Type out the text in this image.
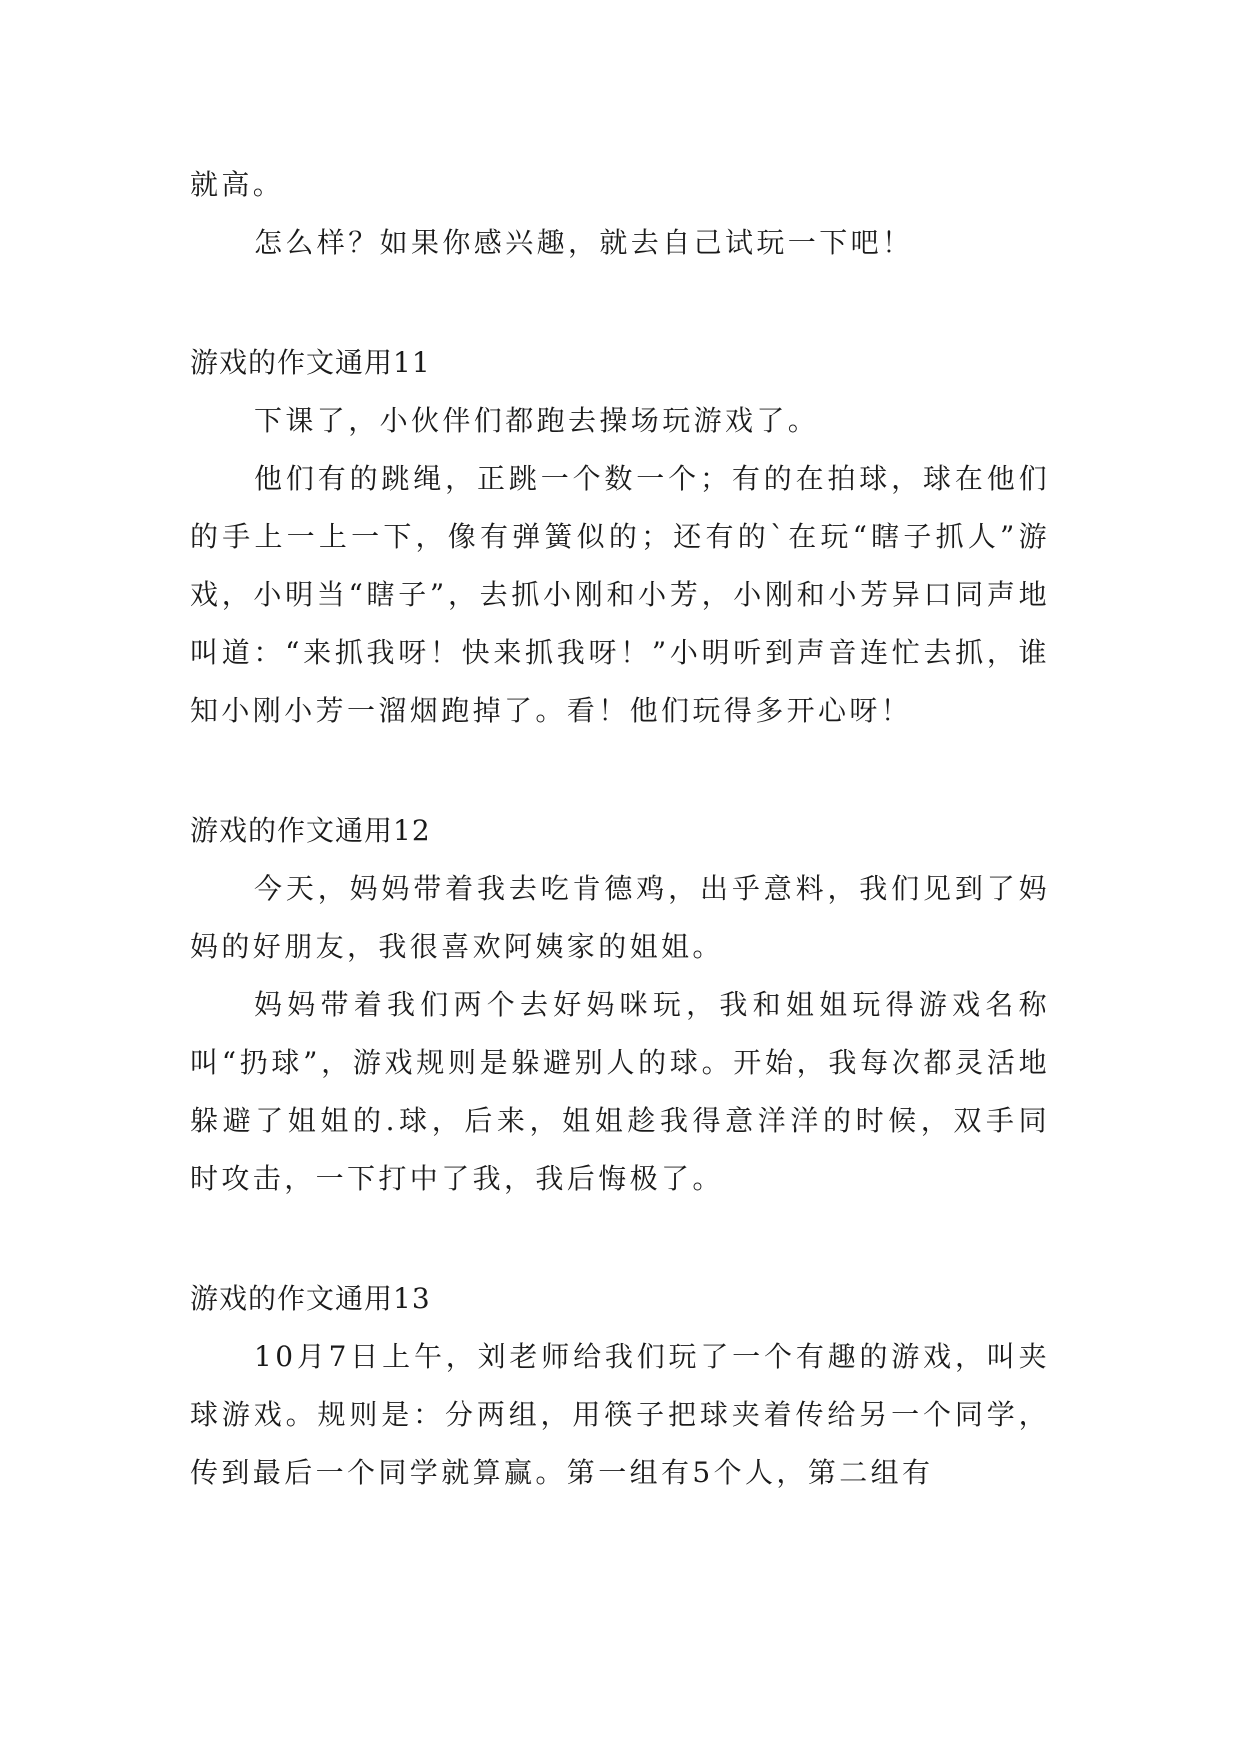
就高。

怎么样？如果你感兴趣，就去自己试玩一下吧！

游戏的作文通用11

下课了，小伙伴们都跑去操场玩游戏了。

他们有的跳绳，正跳一个数一个；有的在拍球，球在他们的手上一上一下，像有弹簧似的；还有的`在玩“瞎子抓人”游戏，小明当“瞎子”，去抓小刚和小芳，小刚和小芳异口同声地叫道：“来抓我呀！快来抓我呀！”小明听到声音连忙去抓，谁知小刚小芳一溜烟跑掉了。看！他们玩得多开心呀！

游戏的作文通用12

今天，妈妈带着我去吃肯德鸡，出乎意料，我们见到了妈妈的好朋友，我很喜欢阿姨家的姐姐。

妈妈带着我们两个去好妈咪玩，我和姐姐玩得游戏名称叫“扔球”，游戏规则是躲避别人的球。开始，我每次都灵活地躲避了姐姐的.球，后来，姐姐趁我得意洋洋的时候，双手同时攻击，一下打中了我，我后悔极了。

游戏的作文通用13

10月7日上午，刘老师给我们玩了一个有趣的游戏，叫夹球游戏。规则是：分两组，用筷子把球夹着传给另一个同学，传到最后一个同学就算赢。第一组有5个人，第二组有
